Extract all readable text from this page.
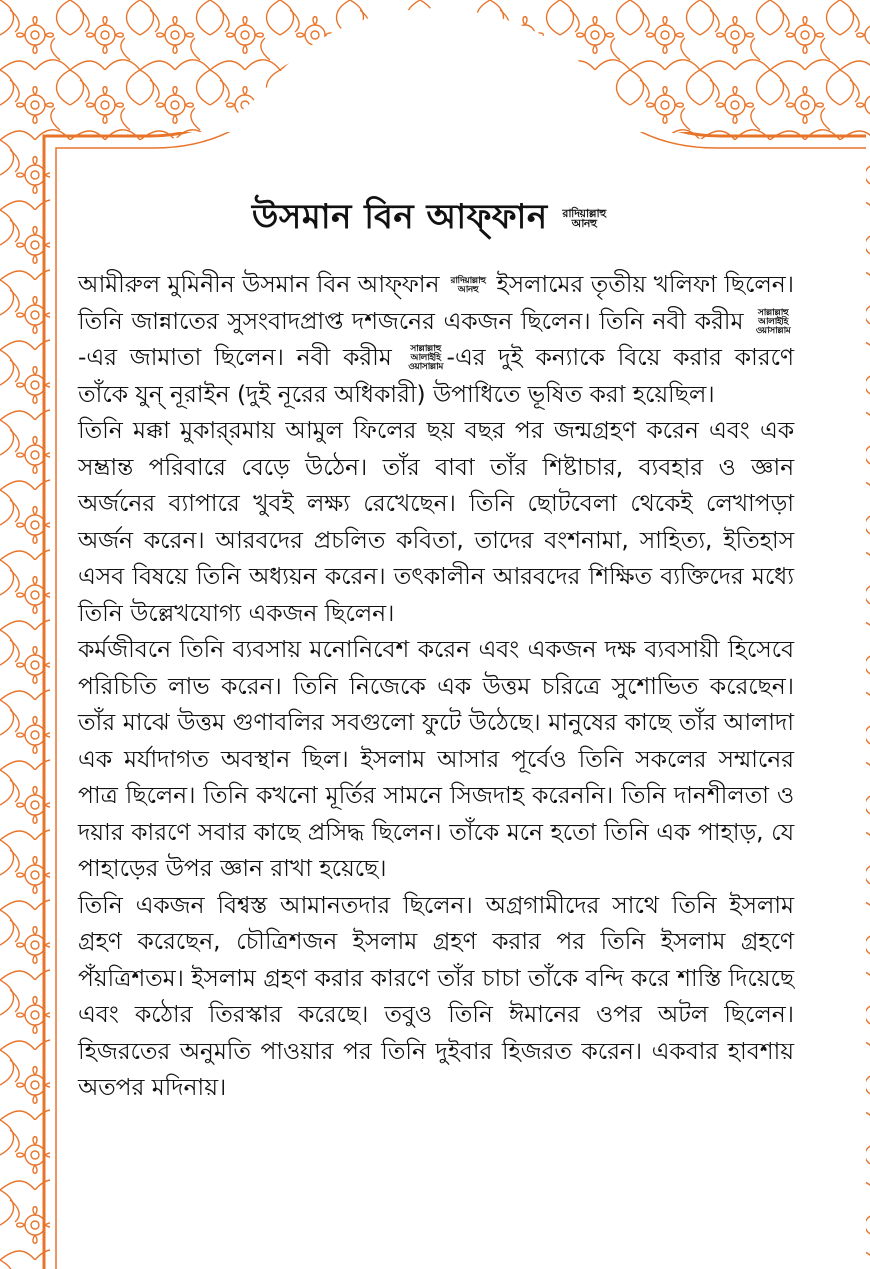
উসমান বিন আফ্‌ফান রাদিয়াল্লাহু আনহু

আমীরুল মুমিনীন উসমান বিন আফ্‌ফান রাদিয়াল্লাহু আনহু ইসলামের তৃতীয় খলিফা ছিলেন। তিনি জান্নাতের সুসংবাদপ্রাপ্ত দশজনের একজন ছিলেন। তিনি নবী করীম সাল্লাল্লাহু আলাইহি ওয়াসাল্লাম-এর জামাতা ছিলেন। নবী করীম সাল্লাল্লাহু আলাইহি ওয়াসাল্লাম -এর দুই কন্যাকে বিয়ে করার কারণে তাঁকে যুন্ নূরাইন (দুই নূরের অধিকারী) উপাধিতে ভূষিত করা হয়েছিল।

তিনি মক্কা মুকার্‌রমায় আমুল ফিলের ছয় বছর পর জন্মগ্রহণ করেন এবং এক সম্ভ্রান্ত পরিবারে বেড়ে উঠেন। তাঁর বাবা তাঁর শিষ্টাচার, ব্যবহার ও জ্ঞান অর্জনের ব্যাপারে খুবই লক্ষ্য রেখেছেন। তিনি ছোটবেলা থেকেই লেখাপড়া অর্জন করেন। আরবদের প্রচলিত কবিতা, তাদের বংশনামা, সাহিত্য, ইতিহাস এসব বিষয়ে তিনি অধ্যয়ন করেন। তৎকালীন আরবদের শিক্ষিত ব্যক্তিদের মধ্যে তিনি উল্লেখযোগ্য একজন ছিলেন।

কর্মজীবনে তিনি ব্যবসায় মনোনিবেশ করেন এবং একজন দক্ষ ব্যবসায়ী হিসেবে পরিচিতি লাভ করেন। তিনি নিজেকে এক উত্তম চরিত্রে সুশোভিত করেছেন। তাঁর মাঝে উত্তম গুণাবলির সবগুলো ফুটে উঠেছে। মানুষের কাছে তাঁর আলাদা এক মর্যাদাগত অবস্থান ছিল। ইসলাম আসার পূর্বেও তিনি সকলের সম্মানের পাত্র ছিলেন। তিনি কখনো মূর্তির সামনে সিজদাহ করেননি। তিনি দানশীলতা ও দয়ার কারণে সবার কাছে প্রসিদ্ধ ছিলেন। তাঁকে মনে হতো তিনি এক পাহাড়, যে পাহাড়ের উপর জ্ঞান রাখা হয়েছে।

তিনি একজন বিশ্বস্ত আমানতদার ছিলেন। অগ্রগামীদের সাথে তিনি ইসলাম গ্রহণ করেছেন, চৌত্রিশজন ইসলাম গ্রহণ করার পর তিনি ইসলাম গ্রহণে পঁয়ত্রিশতম। ইসলাম গ্রহণ করার কারণে তাঁর চাচা তাঁকে বন্দি করে শাস্তি দিয়েছে এবং কঠোর তিরস্কার করেছে। তবুও তিনি ঈমানের ওপর অটল ছিলেন। হিজরতের অনুমতি পাওয়ার পর তিনি দুইবার হিজরত করেন। একবার হাবশায় অতপর মদিনায়।
